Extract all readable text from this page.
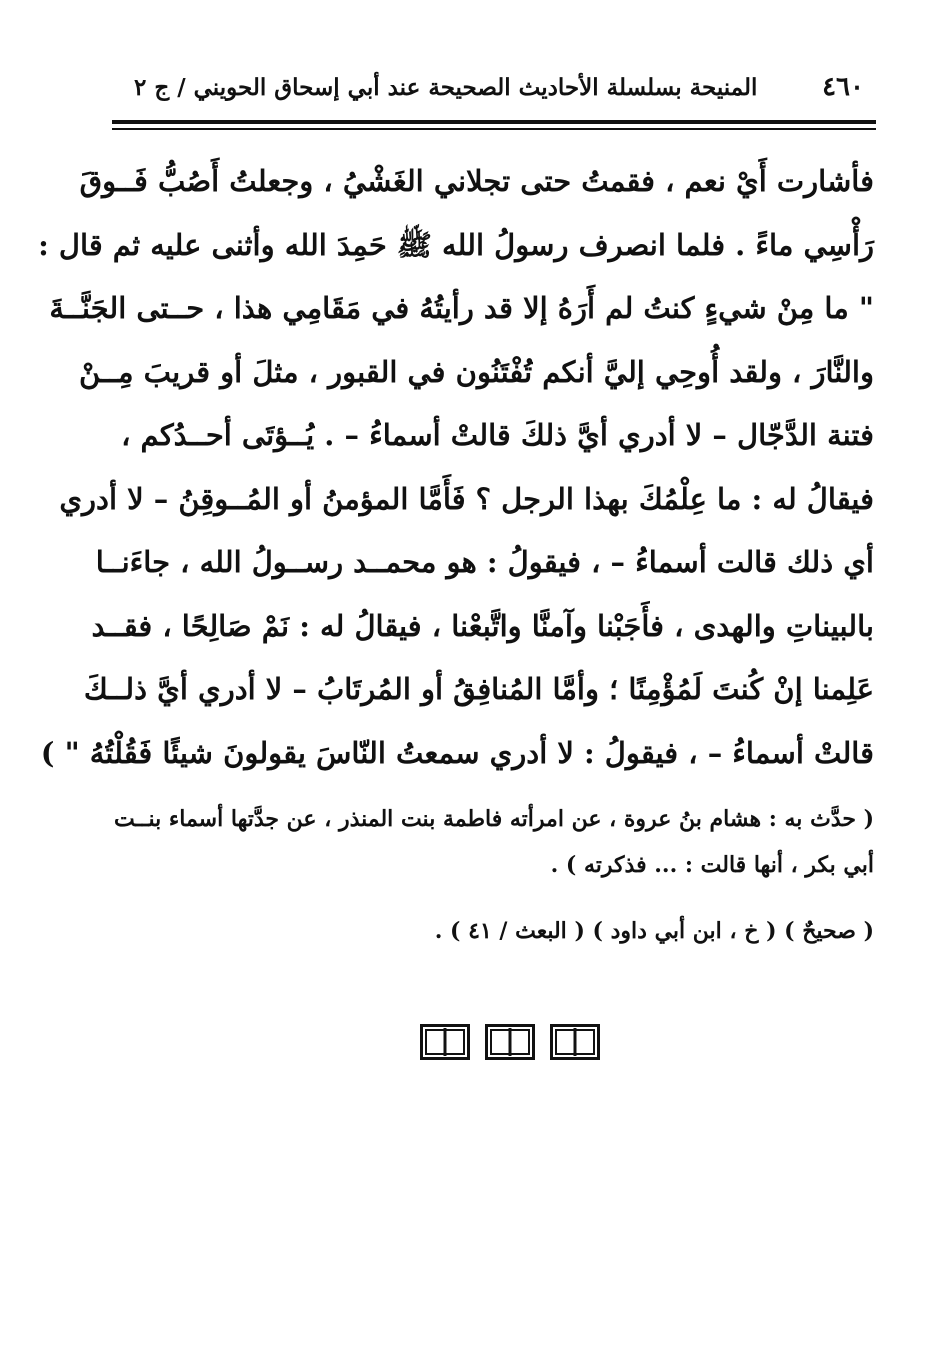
٤٦٠
المنيحة بسلسلة الأحاديث الصحيحة عند أبي إسحاق الحويني / ج ٢
فأشارت أَيْ نعم ، فقمتُ حتى تجلاني الغَشْيُ ، وجعلتُ أَصُبُّ فَــوقَ
رَأْسِي ماءً . فلما انصرف رسولُ الله ﷺ حَمِدَ الله وأثنى عليه ثم قال :
" ما مِنْ شيءٍ كنتُ لم أَرَهُ إلا قد رأيتُهُ في مَقَامِي هذا ، حــتى الجَنَّــةَ
والنَّارَ ، ولقد أُوحِي إليَّ أنكم تُفْتَنُون في القبور ، مثلَ أو قريبَ مِــنْ
فتنة الدَّجّال – لا أدري أيَّ ذلكَ قالتْ أسماءُ – . يُــؤتَى أحــدُكم ،
فيقالُ له : ما عِلْمُكَ بهذا الرجل ؟ فَأَمَّا المؤمنُ أو المُــوقِنُ – لا أدري
أي ذلك قالت أسماءُ – ، فيقولُ : هو محمــد رســولُ الله ، جاءَنــا
بالبيناتِ والهدى ، فأَجَبْنا وآمنَّا واتَّبعْنا ، فيقالُ له : نَمْ صَالِحًا ، فقــد
عَلِمنا إنْ كُنتَ لَمُؤْمِنًا ؛ وأمَّا المُنافِقُ أو المُرتَابُ – لا أدري أيَّ ذلــكَ
قالتْ أسماءُ – ، فيقولُ : لا أدري سمعتُ النّاسَ يقولونَ شيئًا فَقُلْتُهُ " )
( حدَّث به : هشام بنُ عروة ، عن امرأته فاطمة بنت المنذر ، عن جدَّتها أسماء بنــت
أبي بكر ، أنها قالت : ... فذكرته ) .
( صحيحٌ ) ( خ ، ابن أبي داود ) ( البعث / ٤١ ) .
